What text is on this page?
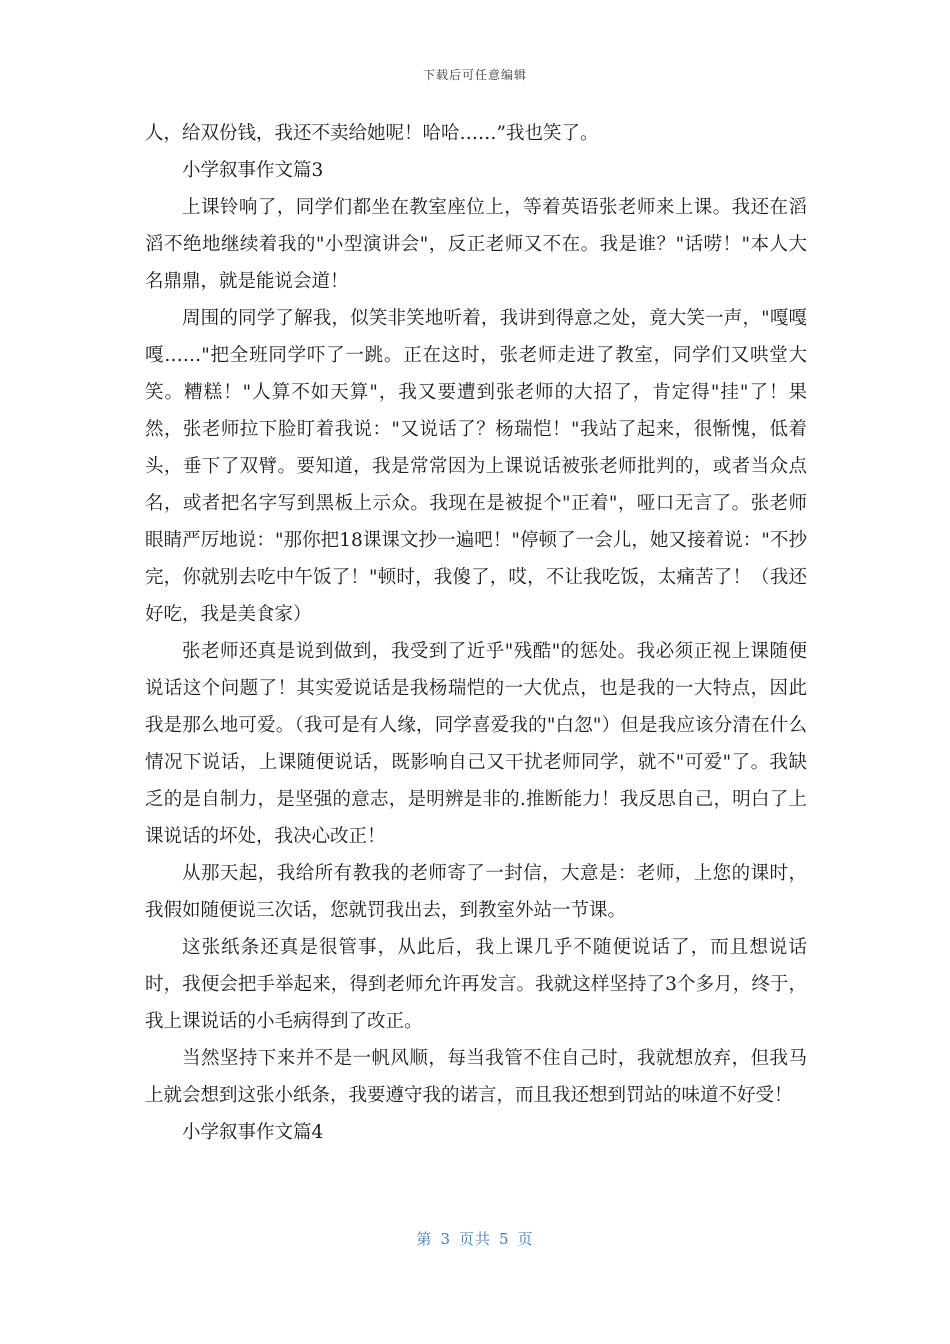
下载后可任意编辑

人，给双份钱，我还不卖给她呢！哈哈……”我也笑了。

小学叙事作文篇3

上课铃响了，同学们都坐在教室座位上，等着英语张老师来上课。我还在滔滔不绝地继续着我的"小型演讲会"，反正老师又不在。我是谁？"话唠！"本人大名鼎鼎，就是能说会道！

周围的同学了解我，似笑非笑地听着，我讲到得意之处，竟大笑一声，"嘎嘎嘎……"把全班同学吓了一跳。正在这时，张老师走进了教室，同学们又哄堂大笑。糟糕！"人算不如天算"，我又要遭到张老师的大招了，肯定得"挂"了！果然，张老师拉下脸盯着我说："又说话了？杨瑞恺！"我站了起来，很惭愧，低着头，垂下了双臂。要知道，我是常常因为上课说话被张老师批判的，或者当众点名，或者把名字写到黑板上示众。我现在是被捉个"正着"，哑口无言了。张老师眼睛严厉地说："那你把18课课文抄一遍吧！"停顿了一会儿，她又接着说："不抄完，你就别去吃中午饭了！"顿时，我傻了，哎，不让我吃饭，太痛苦了！（我还好吃，我是美食家）

张老师还真是说到做到，我受到了近乎"残酷"的惩处。我必须正视上课随便说话这个问题了！其实爱说话是我杨瑞恺的一大优点，也是我的一大特点，因此我是那么地可爱。（我可是有人缘，同学喜爱我的"白忽"）但是我应该分清在什么情况下说话，上课随便说话，既影响自己又干扰老师同学，就不"可爱"了。我缺乏的是自制力，是坚强的意志，是明辨是非的.推断能力！我反思自己，明白了上课说话的坏处，我决心改正！

从那天起，我给所有教我的老师寄了一封信，大意是：老师，上您的课时，我假如随便说三次话，您就罚我出去，到教室外站一节课。

这张纸条还真是很管事，从此后，我上课几乎不随便说话了，而且想说话时，我便会把手举起来，得到老师允许再发言。我就这样坚持了3个多月，终于，我上课说话的小毛病得到了改正。

当然坚持下来并不是一帆风顺，每当我管不住自己时，我就想放弃，但我马上就会想到这张小纸条，我要遵守我的诺言，而且我还想到罚站的味道不好受！

小学叙事作文篇4

第 3 页共 5 页
